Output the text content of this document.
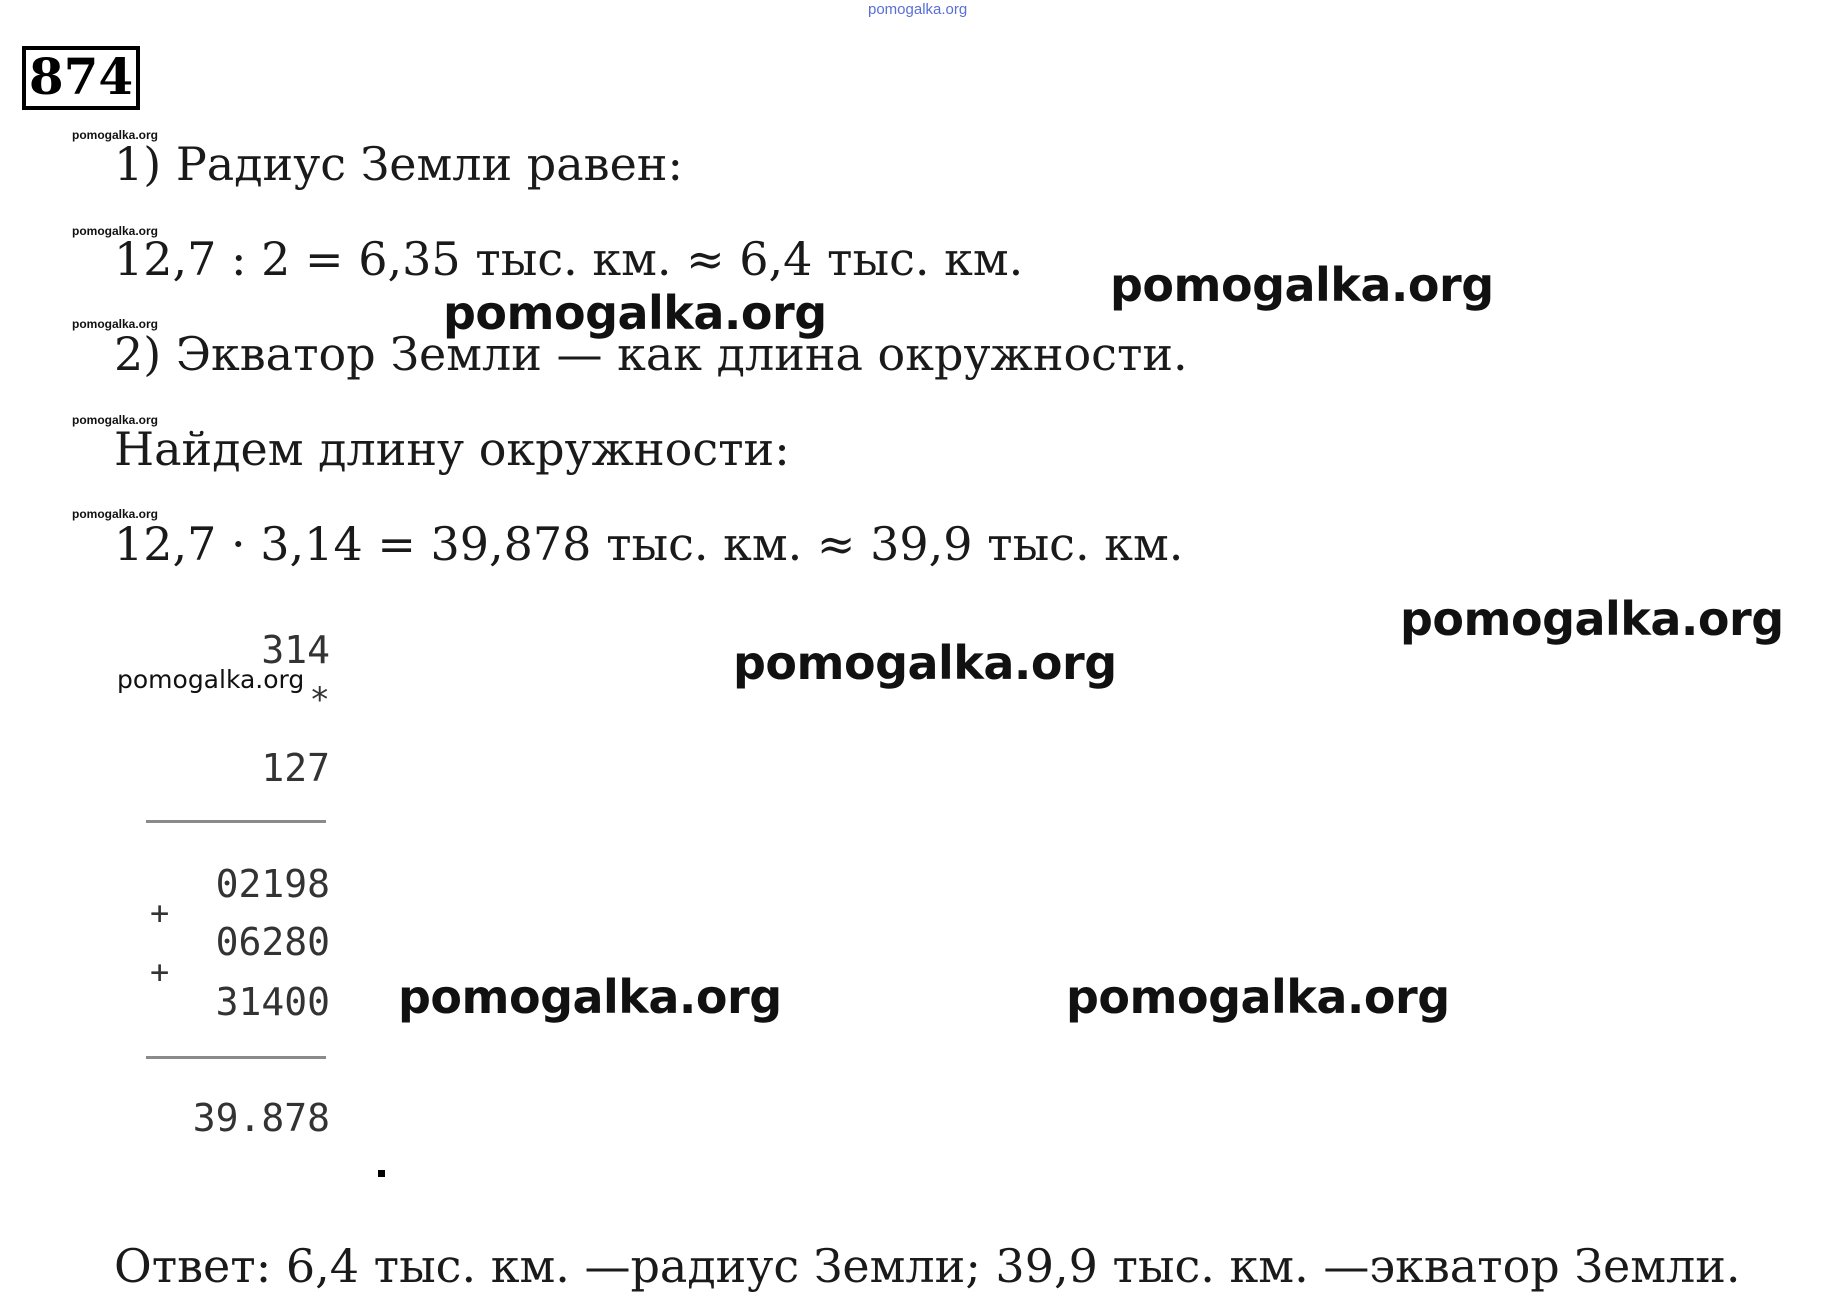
pomogalka.org
874
pomogalka.org
pomogalka.org
pomogalka.org
pomogalka.org
pomogalka.org
1) Радиус Земли равен:
12,7 : 2 = 6,35 тыс. км. ≈ 6,4 тыс. км.
2) Экватор Земли — как длина окружности.
Найдем длину окружности:
12,7 · 3,14 = 39,878 тыс. км. ≈ 39,9 тыс. км.
pomogalka.org
pomogalka.org
pomogalka.org
pomogalka.org
pomogalka.org	pomogalka.org
pomogalka.org
314
*
127
02198
+
06280
+
31400
39.878
Ответ: 6,4 тыс. км. —радиус Земли; 39,9 тыс. км. —экватор Земли.
